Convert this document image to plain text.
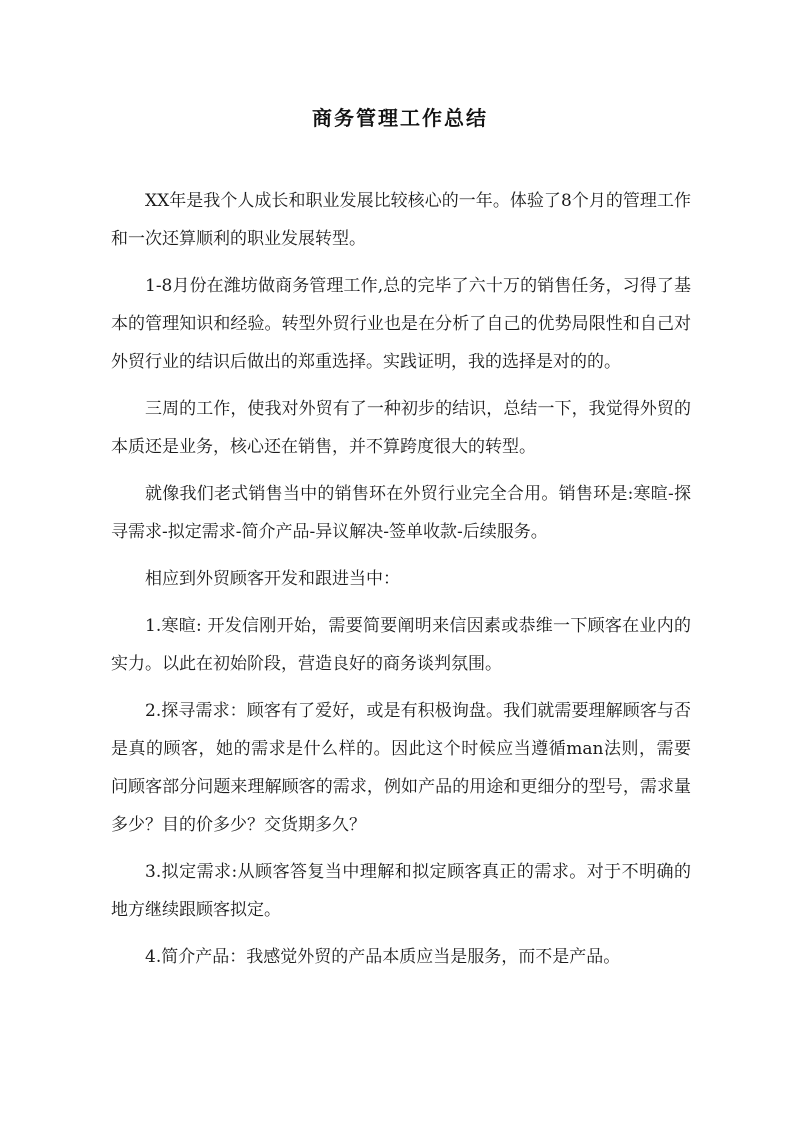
商务管理工作总结

XX年是我个人成长和职业发展比较核心的一年。体验了8个月的管理工作和一次还算顺利的职业发展转型。

1-8月份在潍坊做商务管理工作,总的完毕了六十万的销售任务，习得了基本的管理知识和经验。转型外贸行业也是在分析了自己的优势局限性和自己对外贸行业的结识后做出的郑重选择。实践证明，我的选择是对的的。

三周的工作，使我对外贸有了一种初步的结识，总结一下，我觉得外贸的本质还是业务，核心还在销售，并不算跨度很大的转型。

就像我们老式销售当中的销售环在外贸行业完全合用。销售环是:寒暄-探寻需求-拟定需求-简介产品-异议解决-签单收款-后续服务。

相应到外贸顾客开发和跟进当中：

1.寒暄: 开发信刚开始，需要简要阐明来信因素或恭维一下顾客在业内的实力。以此在初始阶段，营造良好的商务谈判氛围。

2.探寻需求：顾客有了爱好，或是有积极询盘。我们就需要理解顾客与否是真的顾客，她的需求是什么样的。因此这个时候应当遵循man法则，需要问顾客部分问题来理解顾客的需求，例如产品的用途和更细分的型号，需求量多少？目的价多少？交货期多久？

3.拟定需求:从顾客答复当中理解和拟定顾客真正的需求。对于不明确的地方继续跟顾客拟定。

4.简介产品：我感觉外贸的产品本质应当是服务，而不是产品。
